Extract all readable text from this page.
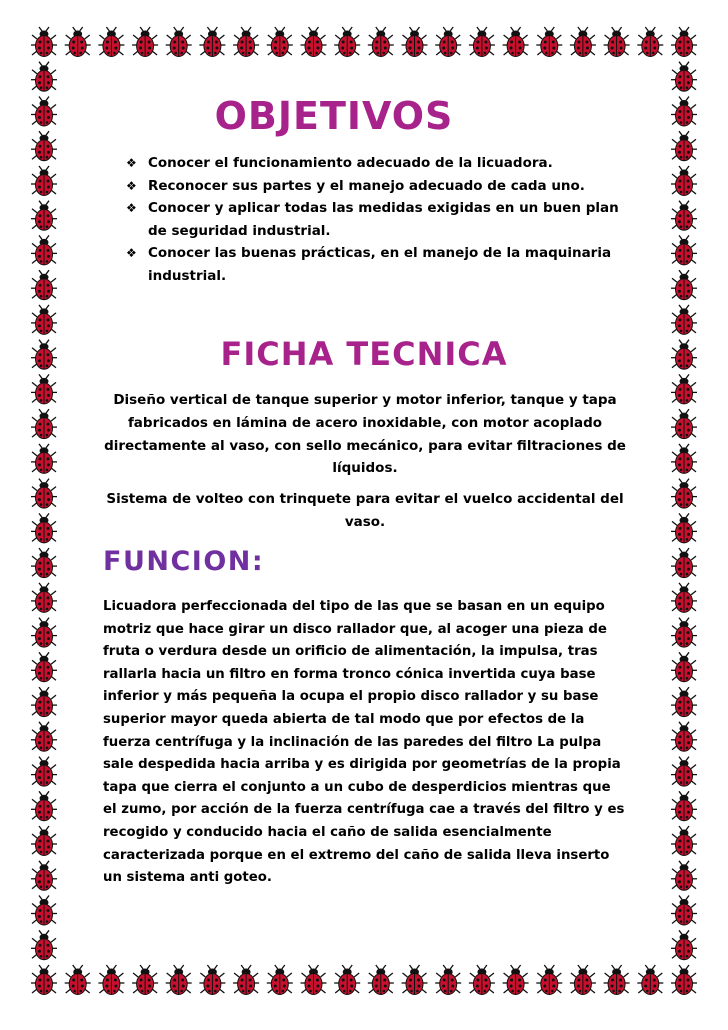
OBJETIVOS
❖ Conocer el funcionamiento adecuado de la licuadora.
❖ Reconocer sus partes y el manejo adecuado de cada uno.
❖ Conocer y aplicar todas las medidas exigidas en un buen plan de seguridad industrial.
❖ Conocer las buenas prácticas, en el manejo de la maquinaria industrial.
FICHA TECNICA
Diseño vertical de tanque superior y motor inferior, tanque y tapa fabricados en lámina de acero inoxidable, con motor acoplado directamente al vaso, con sello mecánico, para evitar filtraciones de líquidos.
Sistema de volteo con trinquete para evitar el vuelco accidental del vaso.
FUNCION:
Licuadora perfeccionada del tipo de las que se basan en un equipo motriz que hace girar un disco rallador que, al acoger una pieza de fruta o verdura desde un orificio de alimentación, la impulsa, tras rallarla hacia un filtro en forma tronco cónica invertida cuya base inferior y más pequeña la ocupa el propio disco rallador y su base superior mayor queda abierta de tal modo que por efectos de la fuerza centrífuga y la inclinación de las paredes del filtro La pulpa sale despedida hacia arriba y es dirigida por geometrías de la propia tapa que cierra el conjunto a un cubo de desperdicios mientras que el zumo, por acción de la fuerza centrífuga cae a través del filtro y es recogido y conducido hacia el caño de salida esencialmente caracterizada porque en el extremo del caño de salida lleva inserto un sistema anti goteo.
